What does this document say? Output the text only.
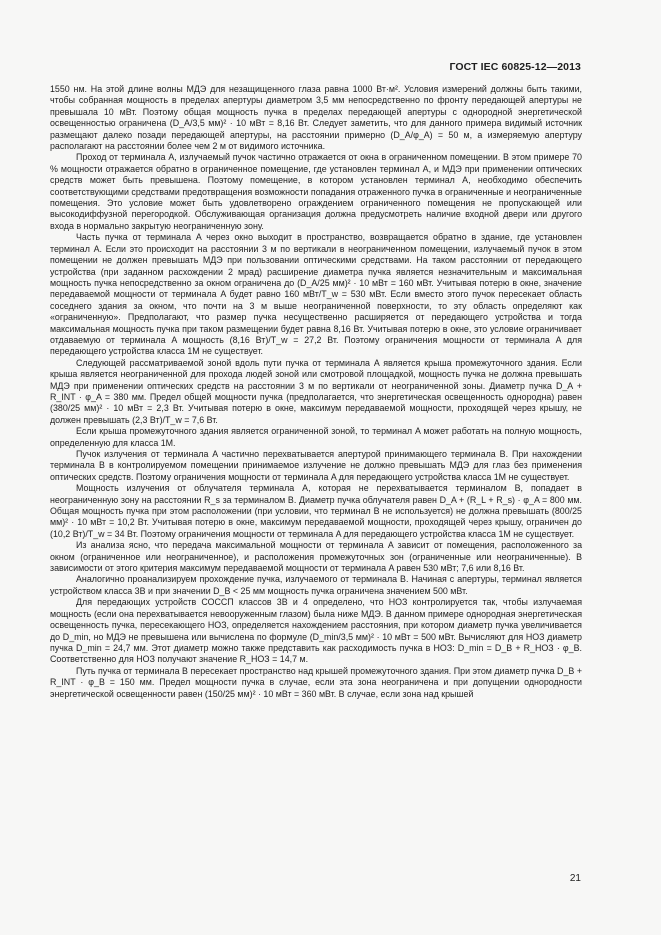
ГОСТ IEC 60825-12—2013

1550 нм. На этой длине волны МДЭ для незащищенного глаза равна 1000 Вт·м². Условия измерений должны быть такими, чтобы собранная мощность в пределах апертуры диаметром 3,5 мм непосредственно по фронту передающей апертуры не превышала 10 мВт. Поэтому общая мощность пучка в пределах передающей апертуры с однородной энергетической освещенностью ограничена (D_A/3,5 мм)² · 10 мВт = 8,16 Вт. Следует заметить, что для данного примера видимый источник размещают далеко позади передающей апертуры, на расстоянии примерно (D_A/φ_A) = 50 м, а измеряемую апертуру располагают на расстоянии более чем 2 м от видимого источника.

Проход от терминала A, излучаемый пучок частично отражается от окна в ограниченном помещении. В этом примере 70 % мощности отражается обратно в ограниченное помещение, где установлен терминал A, и МДЭ при применении оптических средств может быть превышена. Поэтому помещение, в котором установлен терминал A, необходимо обеспечить соответствующими средствами предотвращения возможности попадания отраженного пучка в ограниченные и неограниченные помещения. Это условие может быть удовлетворено ограждением ограниченного помещения не пропускающей или высокодиффузной перегородкой. Обслуживающая организация должна предусмотреть наличие входной двери или другого входа в нормально закрытую неограниченную зону.

Часть пучка от терминала A через окно выходит в пространство, возвращается обратно в здание, где установлен терминал A. Если это происходит на расстоянии 3 м по вертикали в неограниченном помещении, излучаемый пучок в этом помещении не должен превышать МДЭ при пользовании оптическими средствами. На таком расстоянии от передающего устройства (при заданном расхождении 2 мрад) расширение диаметра пучка является незначительным и максимальная мощность пучка непосредственно за окном ограничена до (D_A/25 мм)² · 10 мВт = 160 мВт. Учитывая потерю в окне, значение передаваемой мощности от терминала A будет равно 160 мВт/T_w = 530 мВт. Если вместо этого пучок пересекает область соседнего здания за окном, что почти на 3 м выше неограниченной поверхности, то эту область определяют как «ограниченную». Предполагают, что размер пучка несущественно расширяется от передающего устройства и тогда максимальная мощность пучка при таком размещении будет равна 8,16 Вт. Учитывая потерю в окне, это условие ограничивает отдаваемую от терминала A мощность (8,16 Вт)/T_w = 27,2 Вт. Поэтому ограничения мощности от терминала A для передающего устройства класса 1М не существует.

Следующей рассматриваемой зоной вдоль пути пучка от терминала A является крыша промежуточного здания. Если крыша является неограниченной для прохода людей зоной или смотровой площадкой, мощность пучка не должна превышать МДЭ при применении оптических средств на расстоянии 3 м по вертикали от неограниченной зоны. Диаметр пучка D_A + R_INT · φ_A = 380 мм. Предел общей мощности пучка (предполагается, что энергетическая освещенность однородна) равен (380/25 мм)² · 10 мВт = 2,3 Вт. Учитывая потерю в окне, максимум передаваемой мощности, проходящей через крышу, не должен превышать (2,3 Вт)/T_w = 7,6 Вт.

Если крыша промежуточного здания является ограниченной зоной, то терминал A может работать на полную мощность, определенную для класса 1М.

Пучок излучения от терминала A частично перехватывается апертурой принимающего терминала B. При нахождении терминала B в контролируемом помещении принимаемое излучение не должно превышать МДЭ для глаз без применения оптических средств. Поэтому ограничения мощности от терминала A для передающего устройства класса 1М не существует.

Мощность излучения от облучателя терминала A, которая не перехватывается терминалом B, попадает в неограниченную зону на расстоянии R_s за терминалом B. Диаметр пучка облучателя равен D_A + (R_L + R_s) · φ_A = 800 мм. Общая мощность пучка при этом расположении (при условии, что терминал B не используется) не должна превышать (800/25 мм)² · 10 мВт = 10,2 Вт. Учитывая потерю в окне, максимум передаваемой мощности, проходящей через крышу, ограничен до (10,2 Вт)/T_w = 34 Вт. Поэтому ограничения мощности от терминала A для передающего устройства класса 1М не существует.

Из анализа ясно, что передача максимальной мощности от терминала A зависит от помещения, расположенного за окном (ограниченное или неограниченное), и расположения промежуточных зон (ограниченные или неограниченные). В зависимости от этого критерия максимум передаваемой мощности от терминала A равен 530 мВт; 7,6 или 8,16 Вт.

Аналогично проанализируем прохождение пучка, излучаемого от терминала B. Начиная с апертуры, терминал является устройством класса 3В и при значении D_B < 25 мм мощность пучка ограничена значением 500 мВт.

Для передающих устройств СОССП классов 3В и 4 определено, что НОЗ контролируется так, чтобы излучаемая мощность (если она перехватывается невооруженным глазом) была ниже МДЭ. В данном примере однородная энергетическая освещенность пучка, пересекающего НОЗ, определяется нахождением расстояния, при котором диаметр пучка увеличивается до D_min, но МДЭ не превышена или вычислена по формуле (D_min/3,5 мм)² · 10 мВт = 500 мВт. Вычисляют для НОЗ диаметр пучка D_min = 24,7 мм. Этот диаметр можно также представить как расходимость пучка в НОЗ: D_min = D_B + R_НОЗ · φ_B. Соответственно для НОЗ получают значение R_НОЗ = 14,7 м.

Путь пучка от терминала B пересекает пространство над крышей промежуточного здания. При этом диаметр пучка D_B + R_INT · φ_B = 150 мм. Предел мощности пучка в случае, если эта зона неограничена и при допущении однородности энергетической освещенности равен (150/25 мм)² · 10 мВт = 360 мВт. В случае, если зона над крышей

21
